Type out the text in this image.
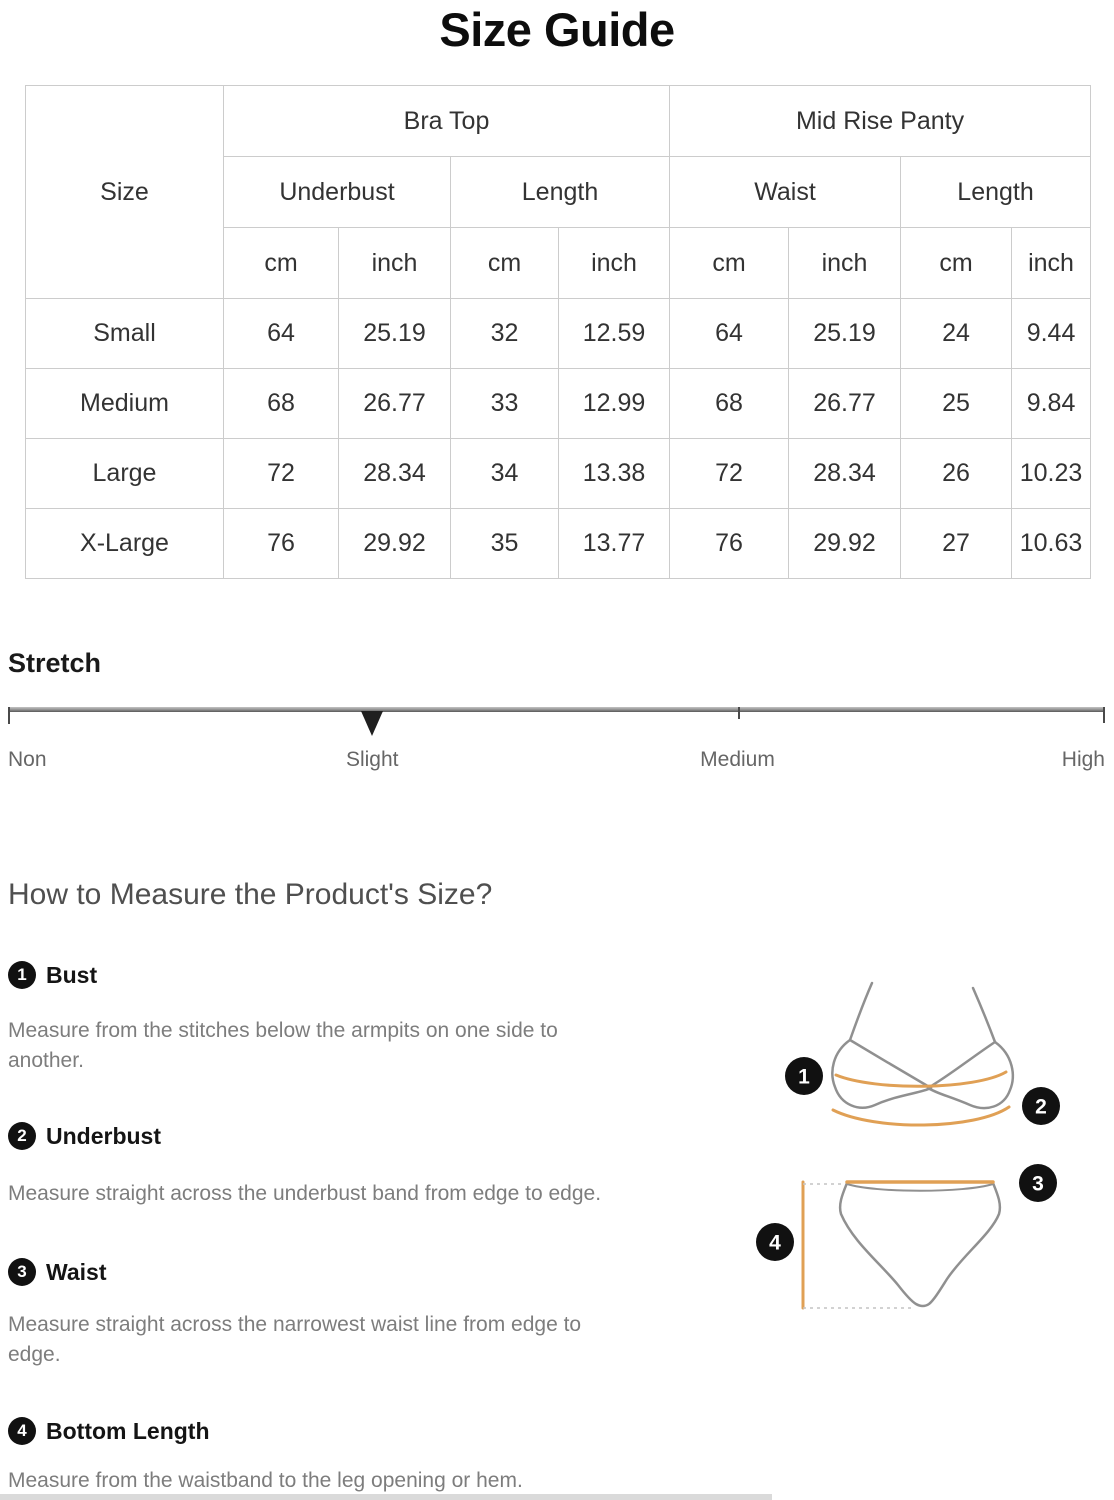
Size Guide
Size	Bra Top				Mid Rise Panty			
	Underbust		Length		Waist		Length	
	cm	inch	cm	inch	cm	inch	cm	inch
Small	64	25.19	32	12.59	64	25.19	24	9.44
Medium	68	26.77	33	12.99	68	26.77	25	9.84
Large	72	28.34	34	13.38	72	28.34	26	10.23
X-Large	76	29.92	35	13.77	76	29.92	27	10.63
Stretch
Non	Slight	Medium	High
How to Measure the Product's Size?
1 Bust
Measure from the stitches below the armpits on one side to another.
2 Underbust
Measure straight across the underbust band from edge to edge.
3 Waist
Measure straight across the narrowest waist line from edge to edge.
4 Bottom Length
Measure from the waistband to the leg opening or hem.
1
2
3
4
